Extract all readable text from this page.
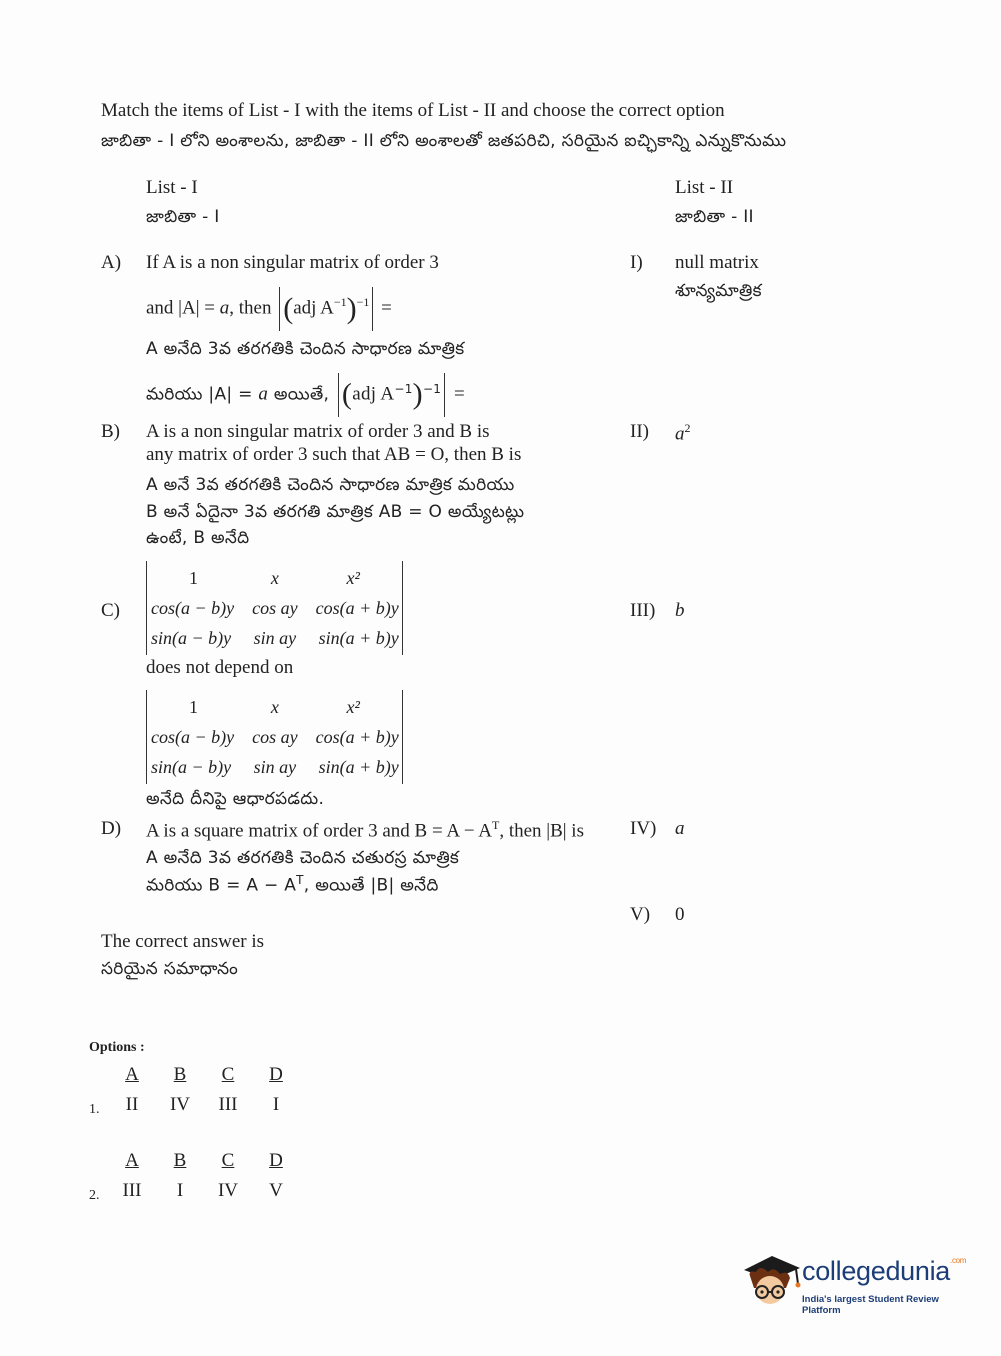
Match the items of List - I with the items of List - II and choose the correct option
జాబితా - I లోని అంశాలను, జాబితా - II లోని అంశాలతో జతపరిచి, సరియైన ఐచ్ఛికాన్ని ఎన్నుకొనుము
List - I
జాబితా - I
List - II
జాబితా - II
A) If A is a non singular matrix of order 3
and |A| = a, then (adj $A^{-1})^{-1}$ =
A అనేది 3వ తరగతికి చెందిన సాధారణ మాత్రిక
మరియు |A| = a అయితే, (adj $A^{-1})^{-1}$ =
B) A is a non singular matrix of order 3 and B is
any matrix of order 3 such that AB = O, then B is
A అనే 3వ తరగతికి చెందిన సాధారణ మాత్రిక మరియు
B అనే ఏదైనా 3వ తరగతి మాత్రిక AB = O అయ్యేటట్లు
ఉంటే, B అనేది
C)
1	x	x²
cos(a − b)y	cos ay	cos(a + b)y
sin(a − b)y	sin ay	sin(a + b)y
does not depend on
1	x	x²
cos(a − b)y	cos ay	cos(a + b)y
sin(a − b)y	sin ay	sin(a + b)y
అనేది దీనిపై ఆధారపడదు.
D) A is a square matrix of order 3 and $B = A - A^T$, then |B| is
A అనేది 3వ తరగతికి చెందిన చతురస్ర మాత్రిక
మరియు $B = A - A^T$, అయితే |B| అనేది
I) null matrix
శూన్యమాత్రిక
II) $a^2$
III) b
IV) a
V) 0
The correct answer is
సరియైన సమాధానం
Options :
1.
A	B	C	D
II	IV	III	I
2.
A	B	C	D
III	I	IV	V
collegedunia$^{.com}$
India's largest Student Review Platform
